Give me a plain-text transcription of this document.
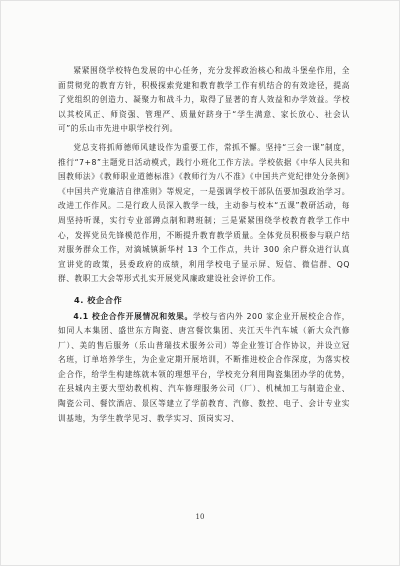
紧紧围绕学校特色发展的中心任务，充分发挥政治核心和战斗堡垒作用，全面贯彻党的教育方针，积极探索党建和教育教学工作有机结合的有效途径，提高了党组织的创造力、凝聚力和战斗力，取得了显著的育人效益和办学效益。学校以其校风正、师资强、管理严、质量好跻身于“学生满意、家长放心、社会认可”的乐山市先进中职学校行列。

党总支将抓师德师风建设作为重要工作，常抓不懈。坚持“三会一课”制度，推行“7+8”主题党日活动模式，践行小班化工作方法。学校依据《中华人民共和国教师法》《教师职业道德标准》《教师行为八不准》《中国共产党纪律处分条例》《中国共产党廉洁自律准则》等规定，一是强调学校干部队伍要加强政治学习。改进工作作风。二是行政人员深入教学一线，主动参与校本“五课”教研活动，每周坚持听课，实行专业部蹲点制和聘班制；三是紧紧围绕学校教育教学工作中心，发挥党员先锋模范作用，不断提升教育教学质量。全体党员积极参与联户结对服务群众工作，对滴城镇新华村 13 个工作点，共计 300 余户群众进行认真宣讲党的政策，县委政府的成绩，利用学校电子显示屏、短信、微信群、QQ 群、教职工大会等形式扎实开展党风廉政建设社会评价工作。

4. 校企合作

4.1 校企合作开展情况和效果。学校与省内外 200 家企业开展校企合作，如同人本集团、盛世东方陶瓷、唐宫餐饮集团、夹江天牛汽车城（新大众汽修厂）、美的售后服务（乐山普瑞技术服务公司）等企业签订合作协议，并设立冠名班，订单培养学生，为企业定期开展培训，不断推进校企合作深度，为落实校企合作，给学生构建练就本领的理想平台，学校充分利用陶瓷集团办学的优势，在县城内主要大型幼教机构、汽车修理服务公司（厂）、机械加工与制造企业、陶瓷公司、餐饮酒店、景区等建立了学前教育、汽修、数控、电子、会计专业实训基地，为学生教学见习、教学实习、顶岗实习、

10
